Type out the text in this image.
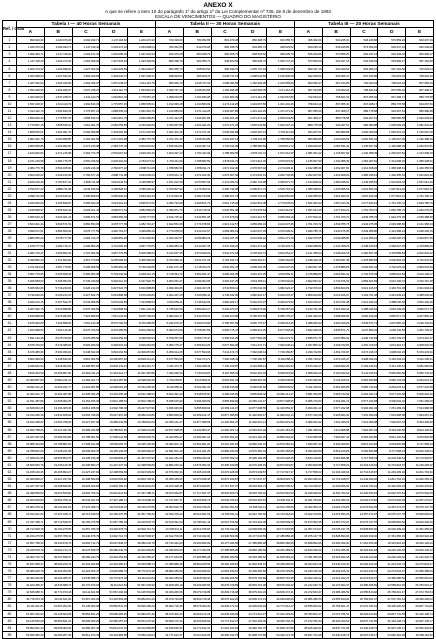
ANEXO X
A que se refere o item 10 do parágrafo 1º do artigo 1º da Lei Complementar nº 736, de 8 de dezembro de 1993
ESCALA DE VENCIMENTOS — QUADRO DO MAGISTÉRIO
Ref. / Grau	Tabela I — 40 Horas Semanais					Tabela II — 30 Horas Semanais					Tabela III — 20 Horas Semanais				
	A	B	C	D	E	A	B	C	D	E	A	B	C	D	E
1	990.924,00	1.040.470,20	1.092.493,71	1.147.118,40	1.204.474,32	743.193,00	780.352,65	819.370,28	860.338,79	903.355,73	495.462,00	520.235,10	546.246,86	573.559,20	602.237,16
2	1.040.470,20	1.092.493,71	1.147.118,40	1.204.474,32	1.264.698,04	780.352,65	819.370,28	860.338,79	903.355,73	948.523,52	520.235,10	546.246,86	573.559,20	602.237,16	632.349,02
3	1.092.493,71	1.147.118,40	1.204.474,32	1.264.698,04	1.327.932,94	819.370,28	860.338,79	903.355,73	948.523,52	995.949,70	546.246,86	573.559,20	602.237,16	632.349,02	663.966,47
4	1.147.118,40	1.204.474,32	1.264.698,04	1.327.932,94	1.394.329,59	860.338,79	903.355,73	948.523,52	995.949,70	1.045.747,19	573.559,20	602.237,16	632.349,02	663.966,47	697.164,80
5	1.204.474,32	1.264.698,04	1.327.932,94	1.394.329,59	1.464.046,07	903.355,73	948.523,52	995.949,70	1.045.747,19	1.098.034,55	602.237,16	632.349,02	663.966,47	697.164,80	732.023,04
6	1.264.698,04	1.327.932,94	1.394.329,59	1.464.046,07	1.537.248,37	948.523,52	995.949,70	1.045.747,19	1.098.034,55	1.152.936,28	632.349,02	663.966,47	697.164,80	732.023,04	768.624,19
7	1.327.932,94	1.394.329,59	1.464.046,07	1.537.248,37	1.614.110,79	995.949,70	1.045.747,19	1.098.034,55	1.152.936,28	1.210.583,09	663.966,47	697.164,80	732.023,04	768.624,19	807.055,40
8	1.394.329,59	1.464.046,07	1.537.248,37	1.614.110,79	1.694.816,33	1.045.747,19	1.098.034,55	1.152.936,28	1.210.583,09	1.271.112,25	697.164,80	732.023,04	768.624,19	807.055,40	847.408,17
9	1.464.046,07	1.537.248,37	1.614.110,79	1.694.816,33	1.779.557,15	1.098.034,55	1.152.936,28	1.210.583,09	1.271.112,25	1.334.667,86	732.023,04	768.624,19	807.055,40	847.408,17	889.778,58
10	1.537.248,37	1.614.110,79	1.694.816,33	1.779.557,15	1.868.535,01	1.152.936,28	1.210.583,09	1.271.112,25	1.334.667,86	1.401.401,26	768.624,19	807.055,40	847.408,17	889.778,58	934.267,51
11	1.614.110,79	1.694.816,33	1.779.557,15	1.868.535,01	1.961.961,76	1.210.583,09	1.271.112,25	1.334.667,86	1.401.401,26	1.471.471,32	807.055,40	847.408,17	889.778,58	934.267,51	980.980,88
12	1.694.816,33	1.779.557,15	1.868.535,01	1.961.961,76	2.060.059,85	1.271.112,25	1.334.667,86	1.401.401,26	1.471.471,32	1.545.044,89	847.408,17	889.778,58	934.267,51	980.980,88	1.030.029,93
13	1.779.557,15	1.868.535,01	1.961.961,76	2.060.059,85	2.163.062,84	1.334.667,86	1.401.401,26	1.471.471,32	1.545.044,89	1.622.297,13	889.778,58	934.267,51	980.980,88	1.030.029,93	1.081.531,42
14	1.868.535,01	1.961.961,76	2.060.059,85	2.163.062,84	2.271.215,98	1.401.401,26	1.471.471,32	1.545.044,89	1.622.297,13	1.703.411,99	934.267,51	980.980,88	1.030.029,93	1.081.531,42	1.135.607,99
15	1.961.961,76	2.060.059,85	2.163.062,84	2.271.215,98	2.384.776,78	1.471.471,32	1.545.044,89	1.622.297,13	1.703.411,99	1.788.582,59	980.980,88	1.030.029,93	1.081.531,42	1.135.607,99	1.192.388,39
16	2.060.059,85	2.163.062,84	2.271.215,98	2.384.776,78	2.504.015,62	1.545.044,89	1.622.297,13	1.703.411,99	1.788.582,59	1.878.011,72	1.030.029,93	1.081.531,42	1.135.607,99	1.192.388,39	1.252.007,81
17	2.163.062,84	2.271.215,98	2.384.776,78	2.504.015,62	2.629.216,40	1.622.297,13	1.703.411,99	1.788.582,59	1.878.011,72	1.971.912,30	1.081.531,42	1.135.607,99	1.192.388,39	1.252.007,81	1.314.608,20
18	2.271.215,98	2.384.776,78	2.504.015,62	2.629.216,40	2.760.677,22	1.703.411,99	1.788.582,59	1.878.011,72	1.971.912,30	2.070.507,92	1.135.607,99	1.192.388,39	1.252.007,81	1.314.608,20	1.380.338,61
19	2.384.776,78	2.504.015,62	2.629.216,40	2.760.677,22	2.898.711,08	1.788.582,59	1.878.011,72	1.971.912,30	2.070.507,92	2.174.033,31	1.192.388,39	1.252.007,81	1.314.608,20	1.380.338,61	1.449.355,54
20	2.504.015,62	2.629.216,40	2.760.677,22	2.898.711,08	3.043.646,64	1.878.011,72	1.971.912,30	2.070.507,92	2.174.033,31	2.282.734,98	1.252.007,81	1.314.608,20	1.380.338,61	1.449.355,54	1.521.823,32
21	2.629.216,40	2.760.677,22	2.898.711,08	3.043.646,64	3.195.828,97	1.971.912,30	2.070.507,92	2.174.033,31	2.282.734,98	2.396.871,73	1.314.608,20	1.380.338,61	1.449.355,54	1.521.823,32	1.597.914,49
22	2.760.677,22	2.898.711,08	3.043.646,64	3.195.828,97	3.355.620,42	2.070.507,92	2.174.033,31	2.282.734,98	2.396.871,73	2.516.715,32	1.380.338,61	1.449.355,54	1.521.823,32	1.597.914,49	1.677.810,21
23	2.898.711,08	3.043.646,64	3.195.828,97	3.355.620,42	3.523.401,44	2.174.033,31	2.282.734,98	2.396.871,73	2.516.715,32	2.642.551,08	1.449.355,54	1.521.823,32	1.597.914,49	1.677.810,21	1.761.700,72
24	3.043.646,64	3.195.828,97	3.355.620,42	3.523.401,44	3.699.571,51	2.282.734,98	2.396.871,73	2.516.715,32	2.642.551,08	2.774.678,63	1.521.823,32	1.597.914,49	1.677.810,21	1.761.700,72	1.849.785,76
25	3.195.828,97	3.355.620,42	3.523.401,44	3.699.571,51	3.884.550,09	2.396.871,73	2.516.715,32	2.642.551,08	2.774.678,63	2.913.412,57	1.597.914,49	1.677.810,21	1.761.700,72	1.849.785,76	1.942.275,05
26	3.355.620,42	3.523.401,44	3.699.571,51	3.884.550,09	4.078.777,59	2.516.715,32	2.642.551,08	2.774.678,63	2.913.412,57	3.059.083,19	1.677.810,21	1.761.700,72	1.849.785,76	1.942.275,05	2.039.388,80
27	3.523.401,44	3.699.571,51	3.884.550,09	4.078.777,59	4.282.716,47	2.642.551,08	2.774.678,63	2.913.412,57	3.059.083,19	3.212.037,35	1.761.700,72	1.849.785,76	1.942.275,05	2.039.388,80	2.141.358,24
28	3.699.571,51	3.884.550,09	4.078.777,59	4.282.716,47	4.496.852,29	2.774.678,63	2.913.412,57	3.059.083,19	3.212.037,35	3.372.639,22	1.849.785,76	1.942.275,05	2.039.388,80	2.141.358,24	2.248.426,15
29	3.884.550,09	4.078.777,59	4.282.716,47	4.496.852,29	4.721.694,90	2.913.412,57	3.059.083,19	3.212.037,35	3.372.639,22	3.541.271,18	1.942.275,05	2.039.388,80	2.141.358,24	2.248.426,15	2.360.847,45
30	4.078.777,59	4.282.716,47	4.496.852,29	4.721.694,90	4.957.779,65	3.059.083,19	3.212.037,35	3.372.639,22	3.541.271,18	3.718.334,74	2.039.388,80	2.141.358,24	2.248.426,15	2.360.847,45	2.478.889,83
31	4.282.716,47	4.496.852,29	4.721.694,90	4.957.779,65	5.205.668,63	3.212.037,35	3.372.639,22	3.541.271,18	3.718.334,74	3.904.251,47	2.141.358,24	2.248.426,15	2.360.847,45	2.478.889,83	2.602.834,32
32	4.496.852,29	4.721.694,90	4.957.779,65	5.205.668,63	5.465.952,06	3.372.639,22	3.541.271,18	3.718.334,74	3.904.251,47	4.099.464,05	2.248.426,15	2.360.847,45	2.478.889,83	2.602.834,32	2.732.976,03
33	4.721.694,90	4.957.779,65	5.205.668,63	5.465.952,06	5.739.249,66	3.541.271,18	3.718.334,74	3.904.251,47	4.099.464,05	4.304.437,25	2.360.847,45	2.478.889,83	2.602.834,32	2.732.976,03	2.869.624,83
34	4.957.779,65	5.205.668,63	5.465.952,06	5.739.249,66	6.026.212,15	3.718.334,74	3.904.251,47	4.099.464,05	4.304.437,25	4.519.659,11	2.478.889,83	2.602.834,32	2.732.976,03	2.869.624,83	3.013.106,07
35	5.205.668,63	5.465.952,06	5.739.249,66	6.026.212,15	6.327.522,75	3.904.251,47	4.099.464,05	4.304.437,25	4.519.659,11	4.745.642,06	2.602.834,32	2.732.976,03	2.869.624,83	3.013.106,07	3.163.761,38
36	5.465.952,06	5.739.249,66	6.026.212,15	6.327.522,75	6.643.898,89	4.099.464,05	4.304.437,25	4.519.659,11	4.745.642,06	4.982.924,17	2.732.976,03	2.869.624,83	3.013.106,07	3.163.761,38	3.321.949,44
37	5.739.249,66	6.026.212,15	6.327.522,75	6.643.898,89	6.976.093,83	4.304.437,25	4.519.659,11	4.745.642,06	4.982.924,17	5.232.070,37	2.869.624,83	3.013.106,07	3.163.761,38	3.321.949,44	3.488.046,92
38	6.026.212,15	6.327.522,75	6.643.898,89	6.976.093,83	7.324.898,53	4.519.659,11	4.745.642,06	4.982.924,17	5.232.070,37	5.493.673,90	3.013.106,07	3.163.761,38	3.321.949,44	3.488.046,92	3.662.449,26
39	6.327.522,75	6.643.898,89	6.976.093,83	7.324.898,53	7.691.143,46	4.745.642,06	4.982.924,17	5.232.070,37	5.493.673,90	5.768.357,59	3.163.761,38	3.321.949,44	3.488.046,92	3.662.449,26	3.845.571,73
40	6.643.898,89	6.976.093,83	7.324.898,53	7.691.143,46	8.075.700,63	4.982.924,17	5.232.070,37	5.493.673,90	5.768.357,59	6.056.775,47	3.321.949,44	3.488.046,92	3.662.449,26	3.845.571,73	4.037.850,32
41	6.976.093,83	7.324.898,53	7.691.143,46	8.075.700,63	8.479.485,66	5.232.070,37	5.493.673,90	5.768.357,59	6.056.775,47	6.359.614,25	3.488.046,92	3.662.449,26	3.845.571,73	4.037.850,32	4.239.742,83
42	7.324.898,53	7.691.143,46	8.075.700,63	8.479.485,66	8.903.459,94	5.493.673,90	5.768.357,59	6.056.775,47	6.359.614,25	6.677.594,96	3.662.449,26	3.845.571,73	4.037.850,32	4.239.742,83	4.451.729,97
43	7.691.143,46	8.075.700,63	8.479.485,66	8.903.459,94	9.348.632,94	5.768.357,59	6.056.775,47	6.359.614,25	6.677.594,96	7.011.474,71	3.845.571,73	4.037.850,32	4.239.742,83	4.451.729,97	4.674.316,47
44	8.075.700,63	8.479.485,66	8.903.459,94	9.348.632,94	9.816.064,59	6.056.775,47	6.359.614,25	6.677.594,96	7.011.474,71	7.362.048,44	4.037.850,32	4.239.742,83	4.451.729,97	4.674.316,47	4.908.032,29
45	8.479.485,66	8.903.459,94	9.348.632,94	9.816.064,59	10.306.867,82	6.359.614,25	6.677.594,96	7.011.474,71	7.362.048,44	7.730.150,87	4.239.742,83	4.451.729,97	4.674.316,47	4.908.032,29	5.153.433,91
46	8.903.459,94	9.348.632,94	9.816.064,59	10.306.867,82	10.822.211,21	6.677.594,96	7.011.474,71	7.362.048,44	7.730.150,87	8.116.658,41	4.451.729,97	4.674.316,47	4.908.032,29	5.153.433,91	5.411.105,61
47	9.348.632,94	9.816.064,59	10.306.867,82	10.822.211,21	11.363.321,77	7.011.474,71	7.362.048,44	7.730.150,87	8.116.658,41	8.522.491,33	4.674.316,47	4.908.032,29	5.153.433,91	5.411.105,61	5.681.660,89
48	9.816.064,59	10.306.867,82	10.822.211,21	11.363.321,77	11.931.487,86	7.362.048,44	7.730.150,87	8.116.658,41	8.522.491,33	8.948.615,90	4.908.032,29	5.153.433,91	5.411.105,61	5.681.660,89	5.965.743,93
49	10.306.867,82	10.822.211,21	11.363.321,77	11.931.487,86	12.528.062,25	7.730.150,87	8.116.658,41	8.522.491,33	8.948.615,90	9.396.046,69	5.153.433,91	5.411.105,61	5.681.660,89	5.965.743,93	6.264.031,13
50	10.822.211,21	11.363.321,77	11.931.487,86	12.528.062,25	13.154.465,36	8.116.658,41	8.522.491,33	8.948.615,90	9.396.046,69	9.865.849,02	5.411.105,61	5.681.660,89	5.965.743,93	6.264.031,13	6.577.232,68
51	11.363.321,77	11.931.487,86	12.528.062,25	13.154.465,36	13.812.188,63	8.522.491,33	8.948.615,90	9.396.046,69	9.865.849,02	10.359.141,47	5.681.660,89	5.965.743,93	6.264.031,13	6.577.232,68	6.906.094,32
52	11.931.487,86	12.528.062,25	13.154.465,36	13.812.188,63	14.502.798,06	8.948.615,90	9.396.046,69	9.865.849,02	10.359.141,47	10.877.098,55	5.965.743,93	6.264.031,13	6.577.232,68	6.906.094,32	7.251.399,03
53	12.528.062,25	13.154.465,36	13.812.188,63	14.502.798,06	15.227.937,96	9.396.046,69	9.865.849,02	10.359.141,47	10.877.098,55	11.420.953,47	6.264.031,13	6.577.232,68	6.906.094,32	7.251.399,03	7.613.968,98
54	13.154.465,36	13.812.188,63	14.502.798,06	15.227.937,96	15.989.334,86	9.865.849,02	10.359.141,47	10.877.098,55	11.420.953,47	11.992.001,14	6.577.232,68	6.906.094,32	7.251.399,03	7.613.968,98	7.994.667,43
55	13.812.188,63	14.502.798,06	15.227.937,96	15.989.334,86	16.788.801,60	10.359.141,47	10.877.098,55	11.420.953,47	11.992.001,14	12.591.601,20	6.906.094,32	7.251.399,03	7.613.968,98	7.994.667,43	8.394.400,80
56	14.502.798,06	15.227.937,96	15.989.334,86	16.788.801,60	17.628.241,68	10.877.098,55	11.420.953,47	11.992.001,14	12.591.601,20	13.221.181,26	7.251.399,03	7.613.968,98	7.994.667,43	8.394.400,80	8.814.120,84
57	15.227.937,96	15.989.334,86	16.788.801,60	17.628.241,68	18.509.653,76	11.420.953,47	11.992.001,14	12.591.601,20	13.221.181,26	13.882.240,32	7.613.968,98	7.994.667,43	8.394.400,80	8.814.120,84	9.254.826,88
58	15.989.334,86	16.788.801,60	17.628.241,68	18.509.653,76	19.435.136,45	11.992.001,14	12.591.601,20	13.221.181,26	13.882.240,32	14.576.352,34	7.994.667,43	8.394.400,80	8.814.120,84	9.254.826,88	9.717.568,23
59	16.788.801,60	17.628.241,68	18.509.653,76	19.435.136,45	20.406.893,27	12.591.601,20	13.221.181,26	13.882.240,32	14.576.352,34	15.305.169,95	8.394.400,80	8.814.120,84	9.254.826,88	9.717.568,23	10.203.446,64
60	17.628.241,68	18.509.653,76	19.435.136,45	20.406.893,27	21.427.237,93	13.221.181,26	13.882.240,32	14.576.352,34	15.305.169,95	16.070.428,45	8.814.120,84	9.254.826,88	9.717.568,23	10.203.446,64	10.713.618,97
61	18.509.653,76	19.435.136,45	20.406.893,27	21.427.237,93	22.498.599,83	13.882.240,32	14.576.352,34	15.305.169,95	16.070.428,45	16.873.949,87	9.254.826,88	9.717.568,23	10.203.446,64	10.713.618,97	11.249.299,92
62	19.435.136,45	20.406.893,27	21.427.237,93	22.498.599,83	23.623.529,82	14.576.352,34	15.305.169,95	16.070.428,45	16.873.949,87	17.717.647,37	9.717.568,23	10.203.446,64	10.713.618,97	11.249.299,92	11.811.764,91
63	20.406.893,27	21.427.237,93	22.498.599,83	23.623.529,82	24.804.706,31	15.305.169,95	16.070.428,45	16.873.949,87	17.717.647,37	18.603.529,73	10.203.446,64	10.713.618,97	11.249.299,92	11.811.764,91	12.402.353,16
64	21.427.237,93	22.498.599,83	23.623.529,82	24.804.706,31	26.044.941,63	16.070.428,45	16.873.949,87	17.717.647,37	18.603.529,73	19.533.706,22	10.713.618,97	11.249.299,92	11.811.764,91	12.402.353,16	13.022.470,81
65	22.498.599,83	23.623.529,82	24.804.706,31	26.044.941,63	27.347.188,71	16.873.949,87	17.717.647,37	18.603.529,73	19.533.706,22	20.510.391,53	11.249.299,92	11.811.764,91	12.402.353,16	13.022.470,81	13.673.594,35
66	23.623.529,82	24.804.706,31	26.044.941,63	27.347.188,71	28.714.548,15	17.717.647,37	18.603.529,73	19.533.706,22	20.510.391,53	21.535.911,11	11.811.764,91	12.402.353,16	13.022.470,81	13.673.594,35	14.357.274,07
67	24.804.706,31	26.044.941,63	27.347.188,71	28.714.548,15	30.150.275,55	18.603.529,73	19.533.706,22	20.510.391,53	21.535.911,11	22.612.706,66	12.402.353,16	13.022.470,81	13.673.594,35	14.357.274,07	15.075.137,78
68	26.044.941,63	27.347.188,71	28.714.548,15	30.150.275,55	31.657.789,33	19.533.706,22	20.510.391,53	21.535.911,11	22.612.706,66	23.743.342,00	13.022.470,81	13.673.594,35	14.357.274,07	15.075.137,78	15.828.894,66
69	27.347.188,71	28.714.548,15	30.150.275,55	31.657.789,33	33.240.678,79	20.510.391,53	21.535.911,11	22.612.706,66	23.743.342,00	24.930.509,09	13.673.594,35	14.357.274,07	15.075.137,78	15.828.894,66	16.620.339,40
70	28.714.548,15	30.150.275,55	31.657.789,33	33.240.678,79	34.902.712,73	21.535.911,11	22.612.706,66	23.743.342,00	24.930.509,09	26.177.034,55	14.357.274,07	15.075.137,78	15.828.894,66	16.620.339,40	17.451.356,36
71	30.150.275,55	31.657.789,33	33.240.678,79	34.902.712,73	36.647.848,37	22.612.706,66	23.743.342,00	24.930.509,09	26.177.034,55	27.485.886,28	15.075.137,78	15.828.894,66	16.620.339,40	17.451.356,36	18.323.924,18
72	31.657.789,33	33.240.678,79	34.902.712,73	36.647.848,37	38.480.240,79	23.743.342,00	24.930.509,09	26.177.034,55	27.485.886,28	28.860.180,59	15.828.894,66	16.620.339,40	17.451.356,36	18.323.924,18	19.240.120,40
73	33.240.678,79	34.902.712,73	36.647.848,37	38.480.240,79	40.404.252,83	24.930.509,09	26.177.034,55	27.485.886,28	28.860.180,59	30.303.189,62	16.620.339,40	17.451.356,36	18.323.924,18	19.240.120,40	20.202.126,42
74	34.902.712,73	36.647.848,37	38.480.240,79	40.404.252,83	42.424.465,47	26.177.034,55	27.485.886,28	28.860.180,59	30.303.189,62	31.818.349,10	17.451.356,36	18.323.924,18	19.240.120,40	20.202.126,42	21.212.232,74
75	36.647.848,37	38.480.240,79	40.404.252,83	42.424.465,47	44.545.688,74	27.485.886,28	28.860.180,59	30.303.189,62	31.818.349,10	33.409.266,56	18.323.924,18	19.240.120,40	20.202.126,42	21.212.232,74	22.272.844,37
76	38.480.240,79	40.404.252,83	42.424.465,47	44.545.688,74	46.772.973,18	28.860.180,59	30.303.189,62	31.818.349,10	33.409.266,56	35.079.729,89	19.240.120,40	20.202.126,42	21.212.232,74	22.272.844,37	23.386.486,59
77	40.404.252,83	42.424.465,47	44.545.688,74	46.772.973,18	49.111.621,84	30.303.189,62	31.818.349,10	33.409.266,56	35.079.729,89	36.833.716,38	20.202.126,42	21.212.232,74	22.272.844,37	23.386.486,59	24.555.810,92
78	42.424.465,47	44.545.688,74	46.772.973,18	49.111.621,84	51.567.202,93	31.818.349,10	33.409.266,56	35.079.729,89	36.833.716,38	38.675.402,20	21.212.232,74	22.272.844,37	23.386.486,59	24.555.810,92	25.783.601,47
79	44.545.688,74	46.772.973,18	49.111.621,84	51.567.202,93	54.145.563,08	33.409.266,56	35.079.729,89	36.833.716,38	38.675.402,20	40.609.172,31	22.272.844,37	23.386.486,59	24.555.810,92	25.783.601,47	27.072.781,54
80	46.772.973,18	49.111.621,84	51.567.202,93	54.145.563,08	56.852.841,23	35.079.729,89	36.833.716,38	38.675.402,20	40.609.172,31	42.639.630,93	23.386.486,59	24.555.810,92	25.783.601,47	27.072.781,54	28.426.420,62
81	49.111.621,84	51.567.202,93	54.145.563,08	56.852.841,23	59.695.483,29	36.833.716,38	38.675.402,20	40.609.172,31	42.639.630,93	44.771.612,47	24.555.810,92	25.783.601,47	27.072.781,54	28.426.420,62	29.847.741,65
82	51.567.202,93	54.145.563,08	56.852.841,23	59.695.483,29	62.680.257,46	38.675.402,20	40.609.172,31	42.639.630,93	44.771.612,47	47.010.193,09	25.783.601,47	27.072.781,54	28.426.420,62	29.847.741,65	31.340.128,73
83	54.145.563,08	56.852.841,23	59.695.483,29	62.680.257,46	65.814.270,33	40.609.172,31	42.639.630,93	44.771.612,47	47.010.193,09	49.360.702,75	27.072.781,54	28.426.420,62	29.847.741,65	31.340.128,73	32.907.135,17
84	56.852.841,23	59.695.483,29	62.680.257,46	65.814.270,33	69.104.983,85	42.639.630,93	44.771.612,47	47.010.193,09	49.360.702,75	51.828.737,89	28.426.420,62	29.847.741,65	31.340.128,73	32.907.135,17	34.552.491,93
85	59.695.483,29	62.680.257,46	65.814.270,33	69.104.983,85	72.560.233,04	44.771.612,47	47.010.193,09	49.360.702,75	51.828.737,89	54.420.174,78	29.847.741,65	31.340.128,73	32.907.135,17	34.552.491,93	36.280.116,52
